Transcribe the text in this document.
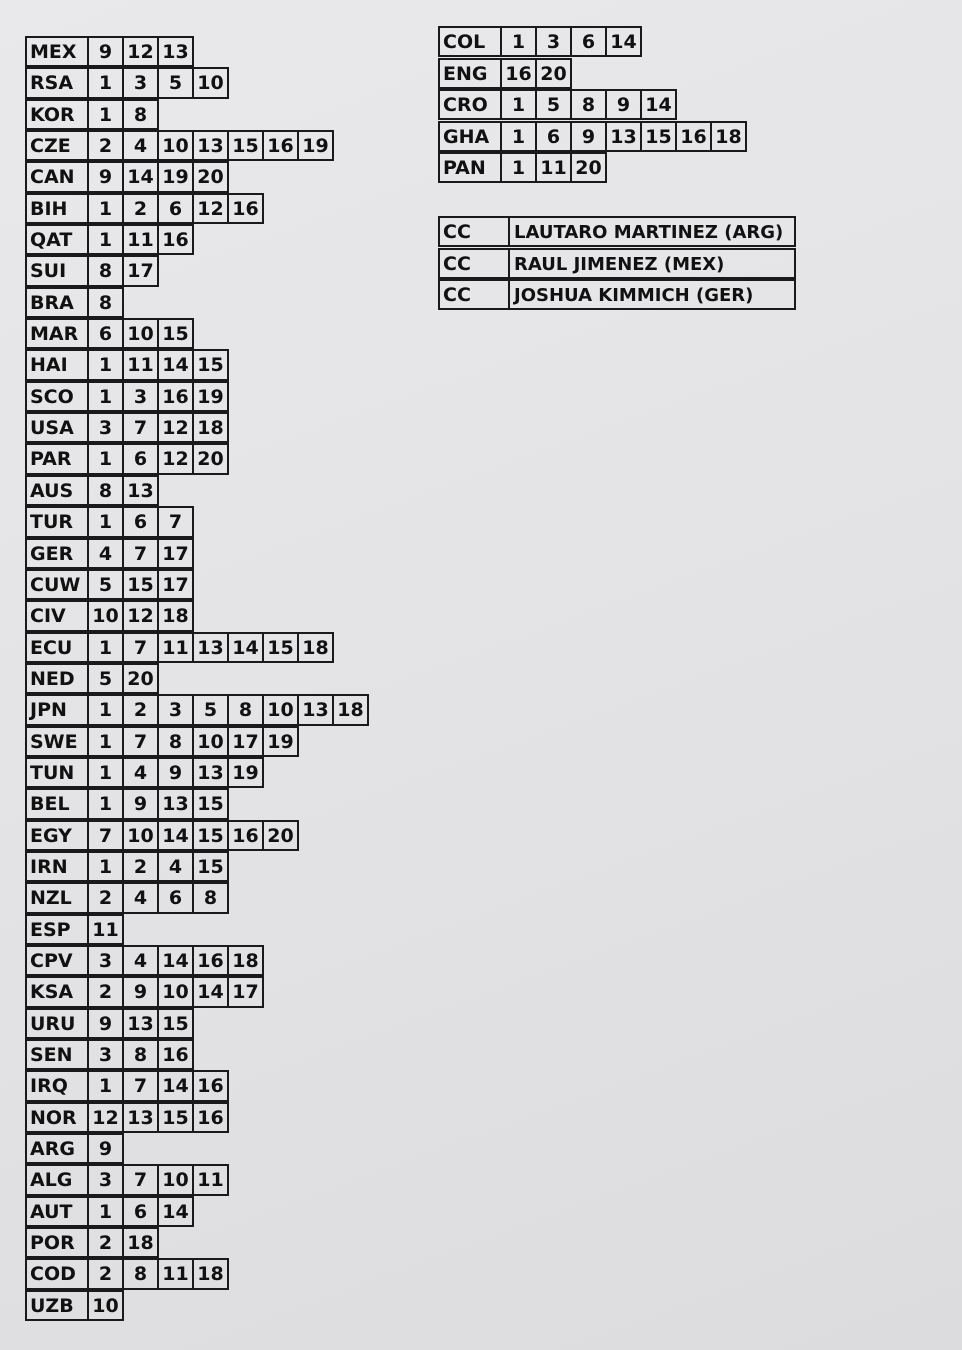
MEX	9 12 13
RSA	1	3	5 10
KOR	1	8
CZE	2	4 10 13 15 16 19
CAN	9 14 19 20
BIH	1	2	6 12 16
QAT	1 11 16
SUI	8 17
BRA	8
MAR	6 10 15
HAI	1 11 14 15
SCO	1	3 16 19
USA	3	7 12 18
PAR	1	6 12 20
AUS	8 13
TUR	1	6	7
GER	4	7 17
CUW 5 15 17
CIV	10 12 18
ECU	1	7 11 13 14 15 18
NED	5 20
JPN	1	2	3	5	8 10 13 18
SWE	1	7	8 10 17 19
TUN	1	4	9 13 19
BEL	1	9 13 15
EGY	7 10 14 15 16 20
IRN	1	2	4 15
NZL	2	4	6	8
ESP	11
CPV	3	4 14 16 18
KSA	2	9 10 14 17
URU	9 13 15
SEN	3	8 16
IRQ	1	7 14 16
NOR 12 13 15 16
ARG	9
ALG	3	7 10 11
AUT	1	6 14
POR	2 18
COD	2	8 11 18
UZB 10
COL	1	3	6 14
ENG 16 20
CRO	1	5	8	9 14
GHA	1	6	9 13 15 16 18
PAN	1 11 20
CC	LAUTARO MARTINEZ (ARG)
CC	RAUL JIMENEZ (MEX)
CC	JOSHUA KIMMICH (GER)
